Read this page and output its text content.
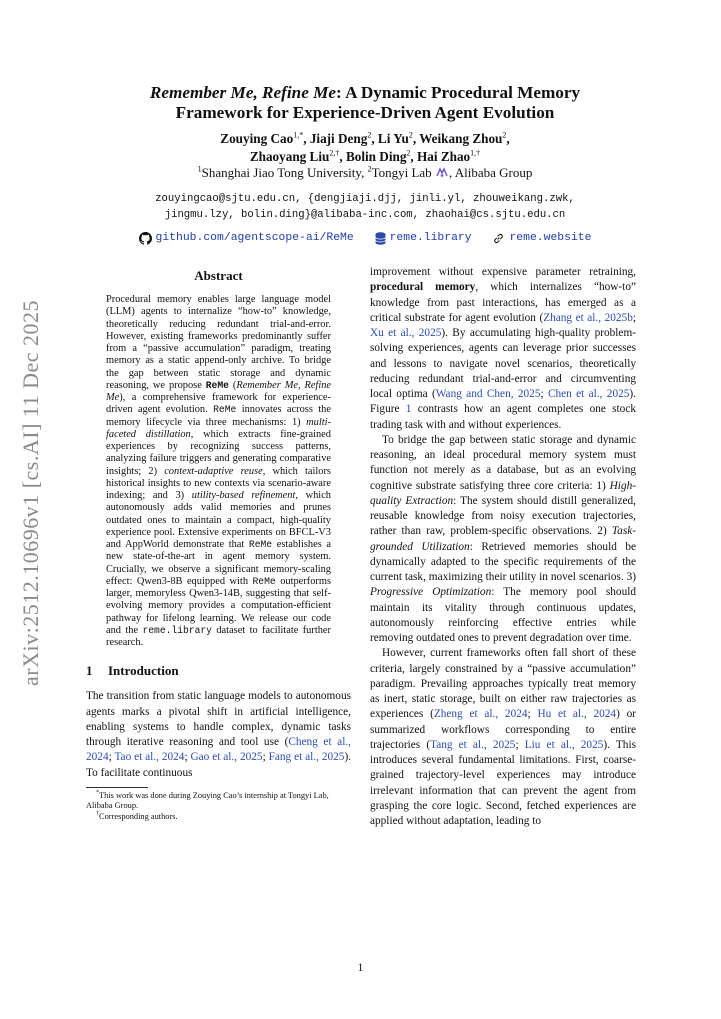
arXiv:2512.10696v1 [cs.AI] 11 Dec 2025
Remember Me, Refine Me: A Dynamic Procedural Memory
Framework for Experience-Driven Agent Evolution
Zouying Cao$^{1,*}$, Jiaji Deng$^2$, Li Yu$^2$, Weikang Zhou$^2$,
Zhaoyang Liu$^{2,\dagger}$, Bolin Ding$^2$, Hai Zhao$^{1,\dagger}$
$^1$Shanghai Jiao Tong University, $^2$Tongyi Lab , Alibaba Group
zouyingcao@sjtu.edu.cn, {dengjiaji.djj, jinli.yl, zhouweikang.zwk,
jingmu.lzy, bolin.ding}@alibaba-inc.com, zhaohai@cs.sjtu.edu.cn
github.com/agentscope-ai/ReMe
	reme.library
	reme.website
Abstract
Procedural memory enables large language model (LLM) agents to internalize “how-to” knowledge, theoretically reducing redundant trial-and-error. However, existing frameworks predominantly suffer from a “passive accumulation” paradigm, treating memory as a static append-only archive. To bridge the gap between static storage and dynamic reasoning, we propose ReMe (Remember Me, Refine Me), a comprehensive framework for experience-driven agent evolution. ReMe innovates across the memory lifecycle via three mechanisms: 1) multi-faceted distillation, which extracts fine-grained experiences by recognizing success patterns, analyzing failure triggers and generating comparative insights; 2) context-adaptive reuse, which tailors historical insights to new contexts via scenario-aware indexing; and 3) utility-based refinement, which autonomously adds valid memories and prunes outdated ones to maintain a compact, high-quality experience pool. Extensive experiments on BFCL-V3 and AppWorld demonstrate that ReMe establishes a new state-of-the-art in agent memory system. Crucially, we observe a significant memory-scaling effect: Qwen3-8B equipped with ReMe outperforms larger, memoryless Qwen3-14B, suggesting that self-evolving memory provides a computation-efficient pathway for lifelong learning. We release our code and the reme.library dataset to facilitate further research.
1 Introduction

The transition from static language models to autonomous agents marks a pivotal shift in artificial intelligence, enabling systems to handle complex, dynamic tasks through iterative reasoning and tool use (Cheng et al., 2024; Tao et al., 2024; Gao et al., 2025; Fang et al., 2025). To facilitate continuous

*This work was done during Zouying Cao’s internship at Tongyi Lab, Alibaba Group.

†Corresponding authors.

improvement without expensive parameter retraining, procedural memory, which internalizes “how-to” knowledge from past interactions, has emerged as a critical substrate for agent evolution (Zhang et al., 2025b; Xu et al., 2025). By accumulating high-quality problem-solving experiences, agents can leverage prior successes and lessons to navigate novel scenarios, theoretically reducing redundant trial-and-error and circumventing local optima (Wang and Chen, 2025; Chen et al., 2025). Figure 1 contrasts how an agent completes one stock trading task with and without experiences.

To bridge the gap between static storage and dynamic reasoning, an ideal procedural memory system must function not merely as a database, but as an evolving cognitive substrate satisfying three core criteria: 1) High-quality Extraction: The system should distill generalized, reusable knowledge from noisy execution trajectories, rather than raw, problem-specific observations. 2) Task-grounded Utilization: Retrieved memories should be dynamically adapted to the specific requirements of the current task, maximizing their utility in novel scenarios. 3) Progressive Optimization: The memory pool should maintain its vitality through continuous updates, autonomously reinforcing effective entries while removing outdated ones to prevent degradation over time.

However, current frameworks often fall short of these criteria, largely constrained by a “passive accumulation” paradigm. Prevailing approaches typically treat memory as inert, static storage, built on either raw trajectories as experiences (Zheng et al., 2024; Hu et al., 2024) or summarized workflows corresponding to entire trajectories (Tang et al., 2025; Liu et al., 2025). This introduces several fundamental limitations. First, coarse-grained trajectory-level experiences may introduce irrelevant information that can prevent the agent from grasping the core logic. Second, fetched experiences are applied without adaptation, leading to

1
